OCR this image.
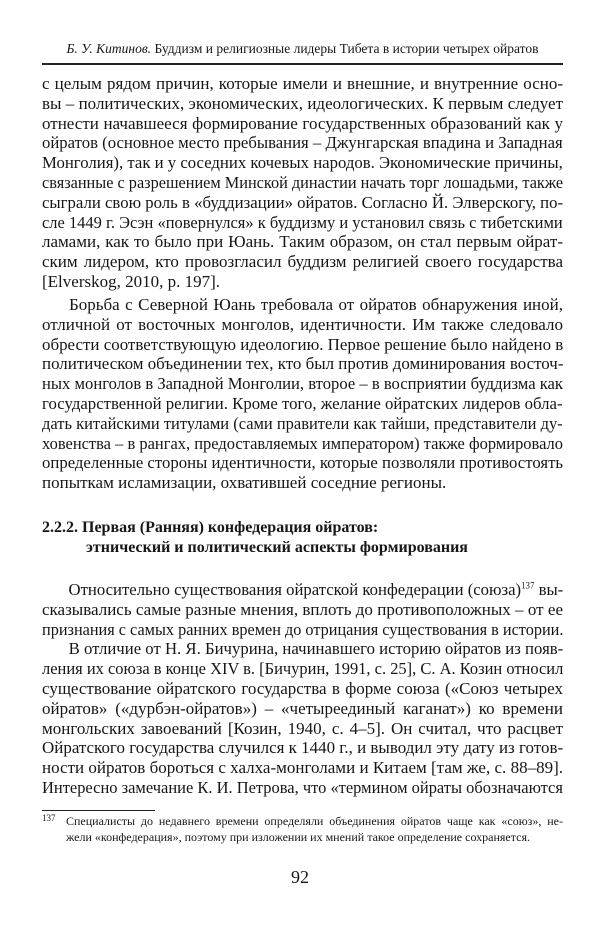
Б. У. Китинов. Буддизм и религиозные лидеры Тибета в истории четырех ойратов
с целым рядом причин, которые имели и внешние, и внутренние осно-
вы – политических, экономических, идеологических. К первым следует
отнести начавшееся формирование государственных образований как у
ойратов (основное место пребывания – Джунгарская впадина и Западная
Монголия), так и у соседних кочевых народов. Экономические причины,
связанные с разрешением Минской династии начать торг лошадьми, также
сыграли свою роль в «буддизации» ойратов. Согласно Й. Элверскогу, по-
сле 1449 г. Эсэн «повернулся» к буддизму и установил связь с тибетскими
ламами, как то было при Юань. Таким образом, он стал первым ойрат-
ским лидером, кто провозгласил буддизм религией своего государства
[Elverskog, 2010, p. 197].
Борьба с Северной Юань требовала от ойратов обнаружения иной,
отличной от восточных монголов, идентичности. Им также следовало
обрести соответствующую идеологию. Первое решение было найдено в
политическом объединении тех, кто был против доминирования восточ-
ных монголов в Западной Монголии, второе – в восприятии буддизма как
государственной религии. Кроме того, желание ойратских лидеров обла-
дать китайскими титулами (сами правители как тайши, представители ду-
ховенства – в рангах, предоставляемых императором) также формировало
определенные стороны идентичности, которые позволяли противостоять
попыткам исламизации, охватившей соседние регионы.
2.2.2. Первая (Ранняя) конфедерация ойратов:
этнический и политический аспекты формирования
Относительно существования ойратской конфедерации (союза)$^{137}$ вы-
сказывались самые разные мнения, вплоть до противоположных – от ее
признания с самых ранних времен до отрицания существования в истории.
В отличие от Н. Я. Бичурина, начинавшего историю ойратов из появ-
ления их союза в конце XIV в. [Бичурин, 1991, с. 25], С. А. Козин относил
существование ойратского государства в форме союза («Союз четырех
ойратов» («дурбэн-ойратов») – «четыреединый каганат») ко времени
монгольских завоеваний [Козин, 1940, с. 4–5]. Он считал, что расцвет
Ойратского государства случился к 1440 г., и выводил эту дату из готов-
ности ойратов бороться с халха-монголами и Китаем [там же, с. 88–89].
Интересно замечание К. И. Петрова, что «термином ойраты обозначаются
137 Специалисты до недавнего времени определяли объединения ойратов чаще как «союз», не-
жели «конфедерация», поэтому при изложении их мнений такое определение сохраняется.
92
